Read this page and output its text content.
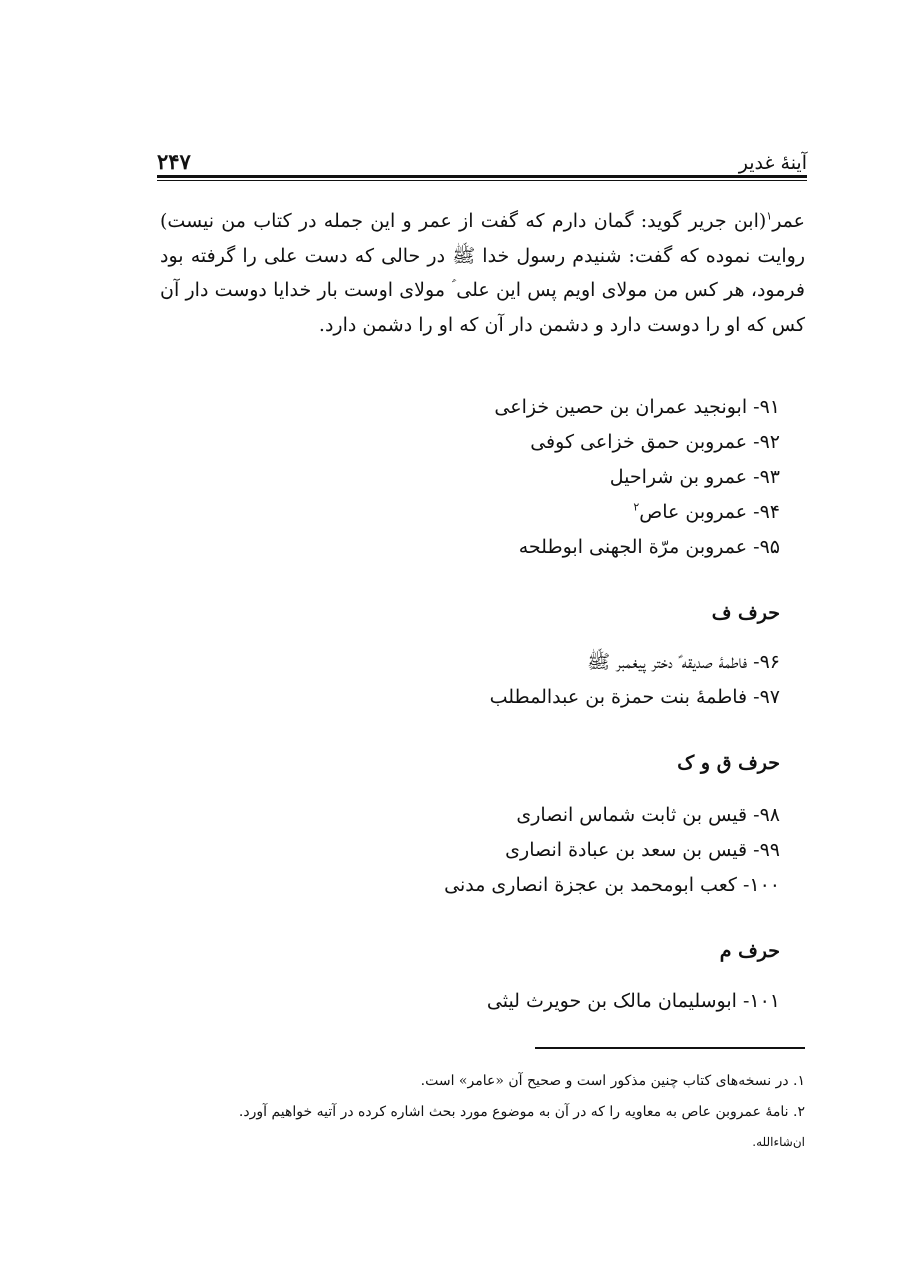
آینهٔ غدیر
۲۴۷
عمر$^۱$(ابن جریر گوید: گمان دارم که گفت از عمر و این جمله در کتاب من نیست) روایت نموده که گفت: شنیدم رسول خدا ﷺ در حالی که دست علی را گرفته بود فرمود، هر کس من مولای اویم پس این علی ؑ مولای اوست بار خدایا دوست دار آن کس که او را دوست دارد و دشمن دار آن که او را دشمن دارد.
۹۱- ابونجید عمران بن حصین خزاعی
۹۲- عمروبن حمق خزاعی کوفی
۹۳- عمرو بن شراحیل
۹۴- عمروبن عاص$^۲$
۹۵- عمروبن مرّة الجهنی ابوطلحه
حرف ف
۹۶- فاطمهٔ صدیقه ؑ دختر پیغمبر ﷺ
۹۷- فاطمهٔ بنت حمزة بن عبدالمطلب
حرف ق و ک
۹۸- قیس بن ثابت شماس انصاری
۹۹- قیس بن سعد بن عبادة انصاری
۱۰۰- کعب ابومحمد بن عجزة انصاری مدنی
حرف م
۱۰۱- ابوسلیمان مالک بن حویرث لیثی
۱. در نسخه‌های کتاب چنین مذکور است و صحیح آن «عامر» است.
۲. نامهٔ عمروبن عاص به معاویه را که در آن به موضوع مورد بحث اشاره کرده در آتیه خواهیم آورد.
ان‌شاءالله.
